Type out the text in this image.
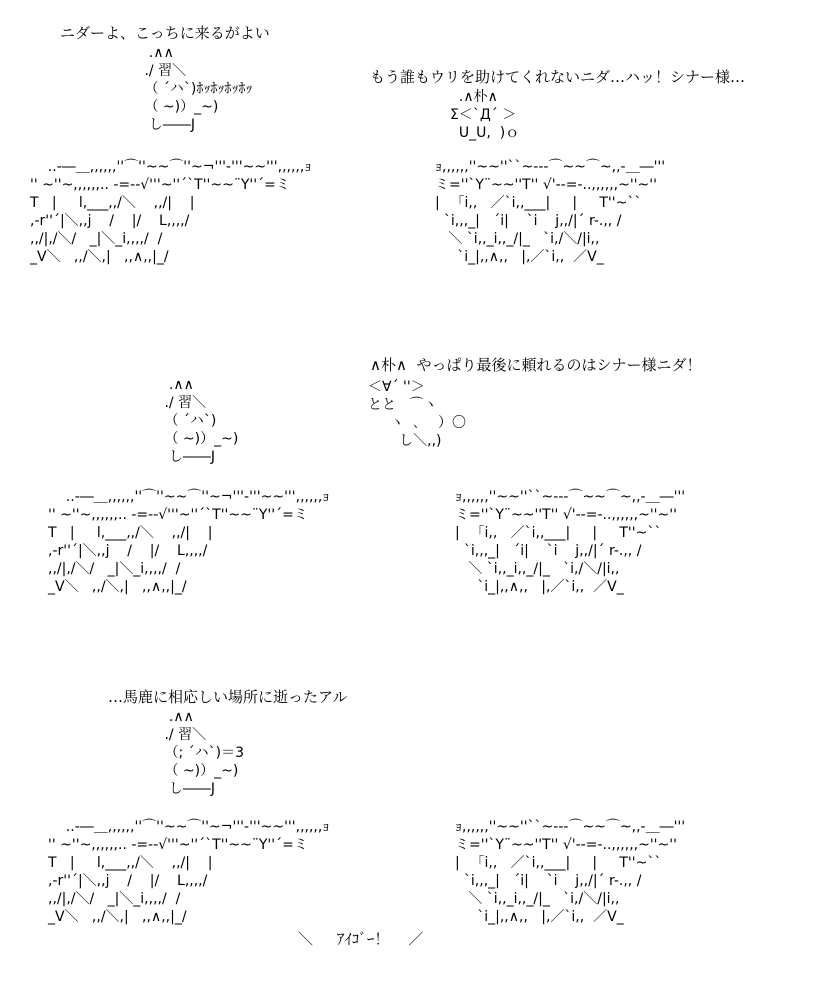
ニダーよ、こっちに来るがよい
.∧∧
./ 習＼
（ ´ハ`)ﾎｯﾎｯﾎｯﾎｯ
（ ~)）_~)
し――J
もう誰もウリを助けてくれないニダ…ハッ！シナー様…
.∧朴∧
Σ＜`Д´ ＞
U_U,  )ｏ
..‐―＿,,,,,,''⌒''~~⌒''~¬'''‐'''~~''',,,,,,ｮ
'' ~''~,,,,,,.. -=-‐√'''~''´`T''~~¨Y''´=ミ
T   |     l,___,,/＼    ,,/|    |
,-r''´|＼,,j    /    |/    L,,,,/
,,/|,/＼/   _|＼_i,,,,/  /
_V＼   ,,/＼,|   ,,∧,,|_/
ｮ,,,,,,''~~''``~‐‐‐⌒~~⌒~,,‐＿―'''
ミ=''`Y¨~~''T'' √'‐-=-..,,,,,,~''~''
|    ｢i,,   ／`i,,___|     |     T''~``
`i,,,_|   ´i|    `i    j,,/|´ r-.,, /
＼ `i,,_i,,_/|_   `i,/＼/|i,,
`i_|,,∧,,   |,／`i,,  ／V_
∧朴∧  やっぱり最後に頼れるのはシナー様ニダ！
.∧∧
./ 習＼
（ ´ハ`)
（ ~)）_~)
し――J
＜∀´ ''＞
とと   ⌒ヽ
ヽ  ､    ）〇
し＼,,)
..‐―＿,,,,,,''⌒''~~⌒''~¬'''‐'''~~''',,,,,,ｮ
'' ~''~,,,,,,.. -=-‐√'''~''´`T''~~¨Y''´=ミ
T   |     l,___,,/＼    ,,/|    |
,-r''´|＼,,j    /    |/    L,,,,/
,,/|,/＼/   _|＼_i,,,,/  /
_V＼   ,,/＼,|   ,,∧,,|_/
ｮ,,,,,,''~~''``~‐‐‐⌒~~⌒~,,‐＿―'''
ミ=''`Y¨~~''T'' √'‐-=-..,,,,,,~''~''
|    ｢i,,   ／`i,,___|     |     T''~``
`i,,,_|   ´i|    `i    j,,/|´ r-.,, /
＼ `i,,_i,,_/|_   `i,/＼/|i,,
`i_|,,∧,,   |,／`i,,  ／V_
…馬鹿に相応しい場所に逝ったアル
.∧∧
./ 習＼
（; ´ハ`)＝3
（ ~)）_~)
し――J
..‐―＿,,,,,,''⌒''~~⌒''~¬'''‐'''~~''',,,,,,ｮ
'' ~''~,,,,,,.. -=-‐√'''~''´`T''~~¨Y''´=ミ
T   |     l,___,,/＼    ,,/|    |
,-r''´|＼,,j    /    |/    L,,,,/
,,/|,/＼/   _|＼_i,,,,/  /
_V＼   ,,/＼,|   ,,∧,,|_/
ｮ,,,,,,''~~''``~‐‐‐⌒~~⌒~,,‐＿―'''
ミ=''`Y¨~~''T'' √'‐-=-..,,,,,,~''~''
|    ｢i,,   ／`i,,___|     |     T''~``
`i,,,_|   ´i|    `i    j,,/|´ r-.,, /
＼ `i,,_i,,_/|_   `i,/＼/|i,,
`i_|,,∧,,   |,／`i,,  ／V_
＼     ｱｲｺﾞｰ！    ／
